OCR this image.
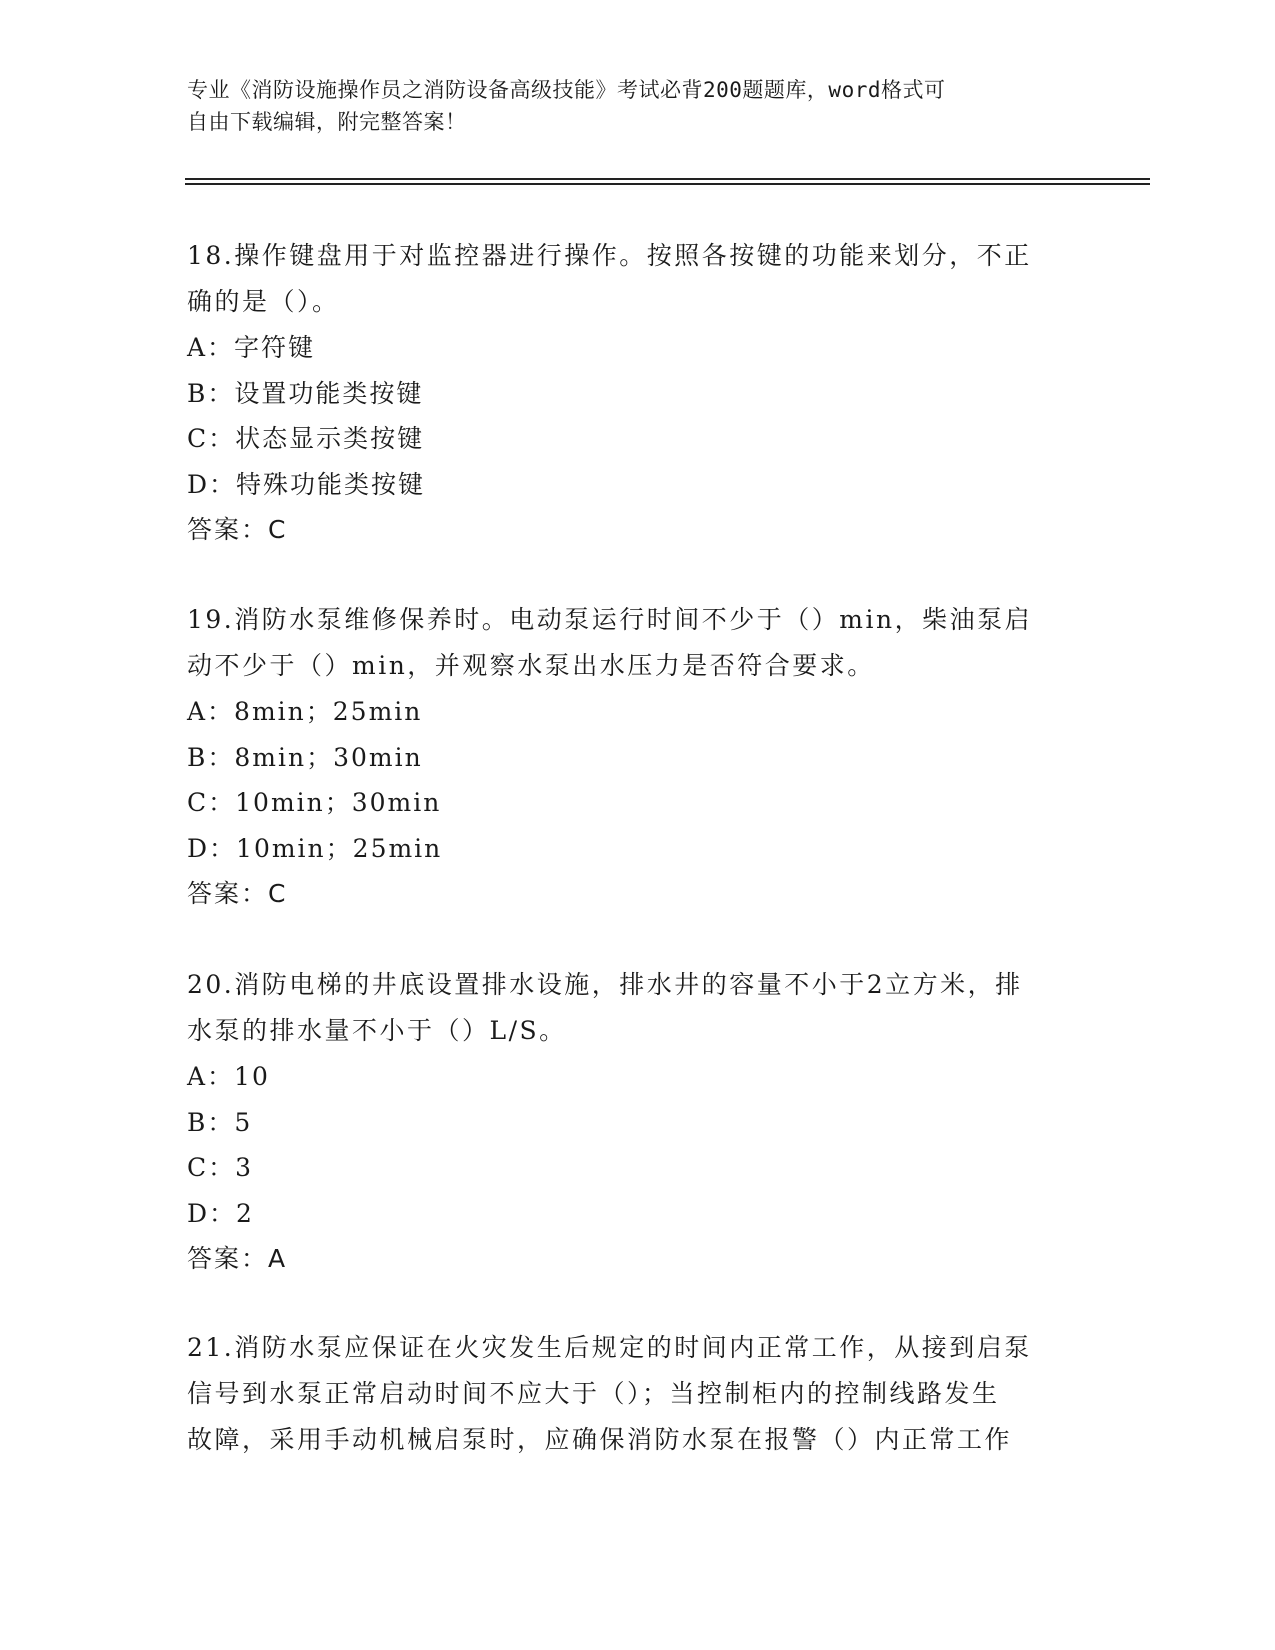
专业《消防设施操作员之消防设备高级技能》考试必背200题题库，word格式可
自由下载编辑，附完整答案！

18.操作键盘用于对监控器进行操作。按照各按键的功能来划分，不正

确的是（）。

A：字符键

B：设置功能类按键

C：状态显示类按键

D：特殊功能类按键

答案：C

19.消防水泵维修保养时。电动泵运行时间不少于（）min，柴油泵启

动不少于（）min，并观察水泵出水压力是否符合要求。

A：8min；25min

B：8min；30min

C：10min；30min

D：10min；25min

答案：C

20.消防电梯的井底设置排水设施，排水井的容量不小于2立方米，排

水泵的排水量不小于（）L/S。

A：10

B：5

C：3

D：2

答案：A

21.消防水泵应保证在火灾发生后规定的时间内正常工作，从接到启泵

信号到水泵正常启动时间不应大于（）；当控制柜内的控制线路发生

故障，采用手动机械启泵时，应确保消防水泵在报警（）内正常工作
